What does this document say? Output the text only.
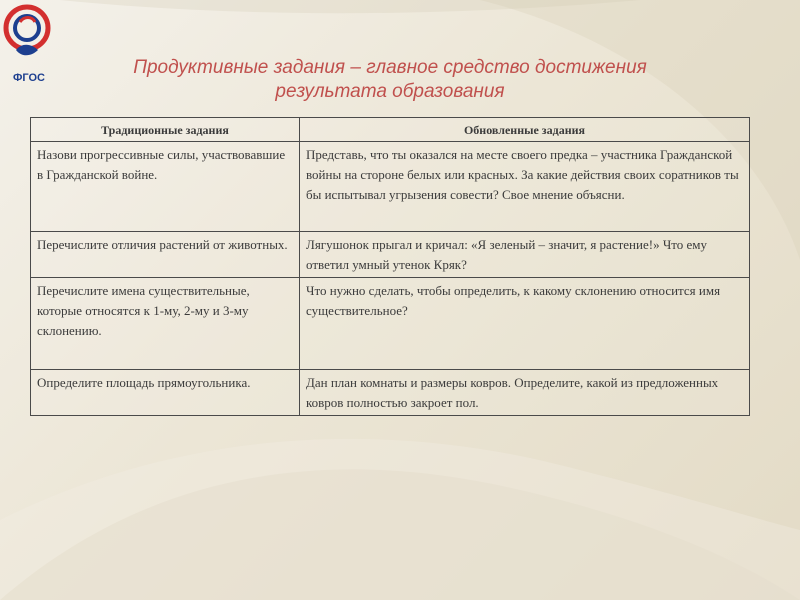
ФГОС	Продуктивные задания – главное средство достижения
результата образования
Традиционные задания	Обновленные задания
Назови прогрессивные силы, участвовавшие в Гражданской войне.	Представь, что ты оказался на месте своего предка – участника Гражданской войны на стороне белых или красных. За какие действия своих соратников ты бы испытывал угрызения совести? Свое мнение объясни.
Перечислите отличия растений от животных.	Лягушонок прыгал и кричал: «Я зеленый – значит, я растение!» Что ему ответил умный утенок Кряк?
Перечислите имена существительные, которые относятся к 1-му, 2-му и 3-му склонению.	Что нужно сделать, чтобы определить, к какому склонению относится имя существительное?
Определите площадь прямоугольника.	Дан план комнаты и размеры ковров. Определите, какой из предложенных ковров полностью закроет пол.
